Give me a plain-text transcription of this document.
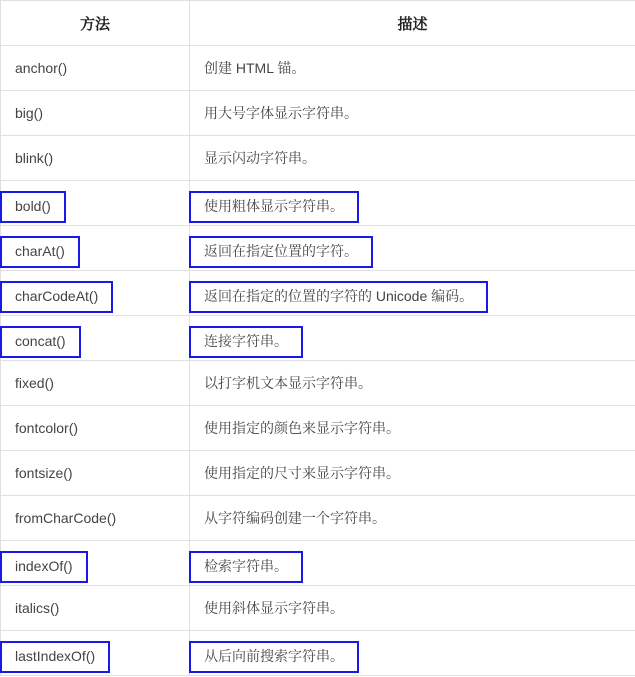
方法	描述

anchor()	创建 HTML 锚。

big()	用大号字体显示字符串。

blink()	显示闪动字符串。

bold()	使用粗体显示字符串。

charAt()	返回在指定位置的字符。

charCodeAt()	返回在指定的位置的字符的 Unicode 编码。

concat()	连接字符串。

fixed()	以打字机文本显示字符串。

fontcolor()	使用指定的颜色来显示字符串。

fontsize()	使用指定的尺寸来显示字符串。

fromCharCode()	从字符编码创建一个字符串。

indexOf()	检索字符串。

italics()	使用斜体显示字符串。

lastIndexOf()	从后向前搜索字符串。
